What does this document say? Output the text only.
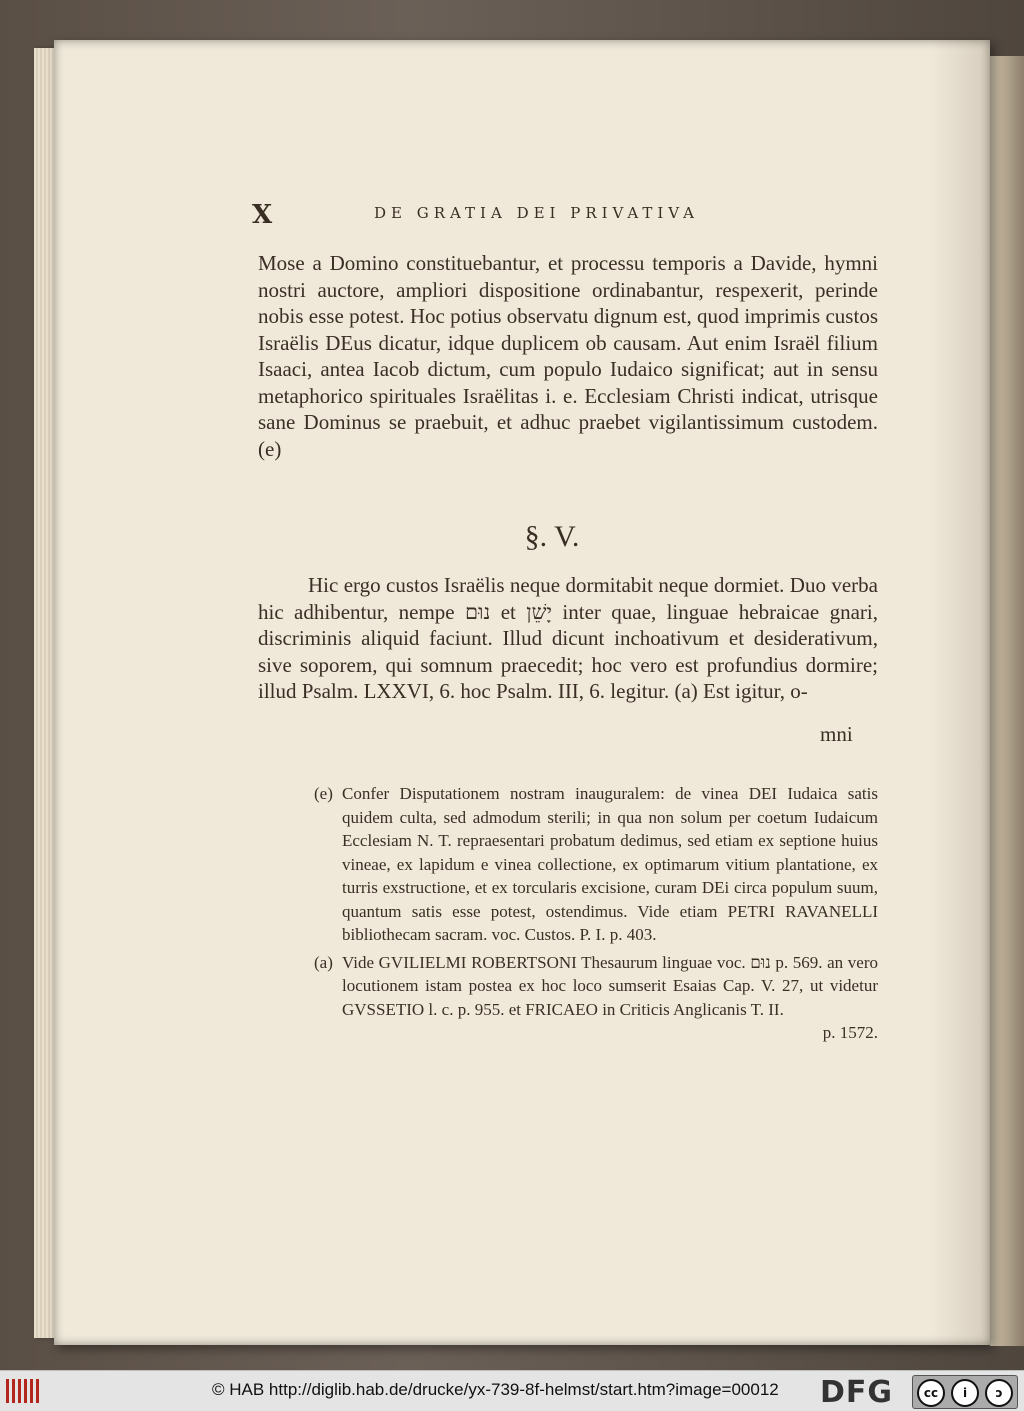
X	DE GRATIA DEI PRIVATIVA

Mose a Domino constituebantur, et processu temporis a Davide, hymni nostri auctore, ampliori dispositione ordinabantur, respexerit, perinde nobis esse potest. Hoc potius observatu dignum est, quod imprimis custos Israëlis DEus dicatur, idque duplicem ob causam. Aut enim Israël filium Isaaci, antea Iacob dictum, cum populo Iudaico significat; aut in sensu metaphorico spirituales Israëlitas i. e. Ecclesiam Christi indicat, utrisque sane Dominus se praebuit, et adhuc praebet vigilantissimum custodem. (e)

§. V.
Hic ergo custos Israëlis neque dormitabit neque dormiet. Duo verba hic adhibentur, nempe נוּם et יָשֵׁן inter quae, linguae hebraicae gnari, discriminis aliquid faciunt. Illud dicunt inchoativum et desiderativum, sive soporem, qui somnum praecedit; hoc vero est profundius dormire; illud Psalm. LXXVI, 6. hoc Psalm. III, 6. legitur. (a) Est igitur, o-
mni
(e) Confer Disputationem nostram inauguralem: de vinea DEI Iudaica satis quidem culta, sed admodum sterili; in qua non solum per coetum Iudaicum Ecclesiam N. T. repraesentari probatum dedimus, sed etiam ex septione huius vineae, ex lapidum e vinea collectione, ex optimarum vitium plantatione, ex turris exstructione, et ex torcularis excisione, curam DEi circa populum suum, quantum satis esse potest, ostendimus. Vide etiam PETRI RAVANELLI bibliothecam sacram. voc. Custos. P. I. p. 403.
(a) Vide GVILIELMI ROBERTSONI Thesaurum linguae voc. נוּם p. 569. an vero locutionem istam postea ex hoc loco sumserit Esaias Cap. V. 27, ut videtur GVSSETIO l. c. p. 955. et FRICAEO in Criticis Anglicanis T. II.
p. 1572.
© HAB http://diglib.hab.de/drucke/yx-739-8f-helmst/start.htm?image=00012 DFG	cc	i	ↄ
